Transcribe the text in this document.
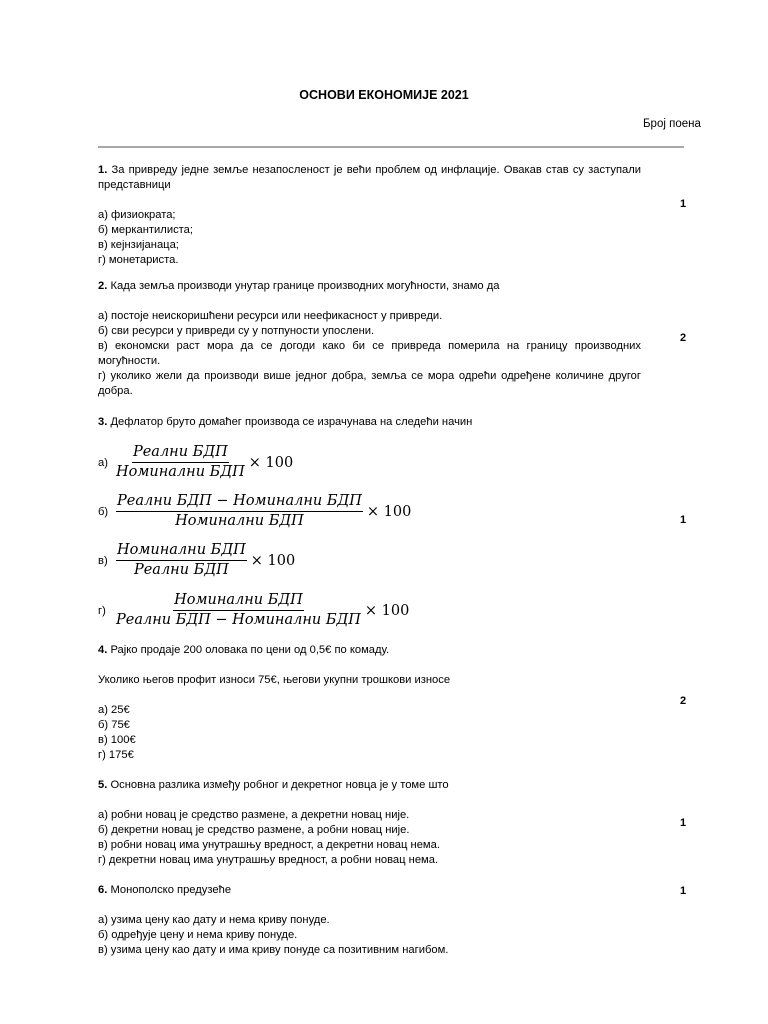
ОСНОВИ ЕКОНОМИЈЕ 2021
Број поена
1. За привреду једне земље незапосленост је већи проблем од инфлације. Овакав став су заступали представници
а) физиократа;
б) меркантилиста;
в) кејнзијанаца;
г) монетариста.
1
2. Када земља производи унутар границе производних могућности, знамо да
а) постоје неискоришћени ресурси или неефикасност у привреди.
б) сви ресурси у привреди су у потпуности упослени.
в) економски раст мора да се догоди како би се привреда померила на границу производних могућности.
г) уколико жели да производи више једног добра, земља се мора одрећи одређене количине другог добра.
2
3. Дефлатор бруто домаћег производа се израчунава на следећи начин
$а) \frac{\text{Реални БДП}}{\text{Номинални БДП}} \times 100$
$б) \frac{\text{Реални БДП − Номинални БДП}}{\text{Номинални БДП}} \times 100$
$в) \frac{\text{Номинални БДП}}{\text{Реални БДП}} \times 100$
$г) \frac{\text{Номинални БДП}}{\text{Реални БДП − Номинални БДП}} \times 100$
1
4. Рајко продаје 200 оловака по цени од 0,5€ по комаду.
Уколико његов профит износи 75€, његови укупни трошкови износе
а) 25€
б) 75€
в) 100€
г) 175€
2
5. Основна разлика између робног и декретног новца је у томе што
а) робни новац је средство размене, а декретни новац није.
б) декретни новац је средство размене, а робни новац није.
в) робни новац има унутрашњу вредност, а декретни новац нема.
г) декретни новац има унутрашњу вредност, а робни новац нема.
1
6. Монополско предузеће
а) узима цену као дату и нема криву понуде.
б) одређује цену и нема криву понуде.
в) узима цену као дату и има криву понуде са позитивним нагибом.
1
